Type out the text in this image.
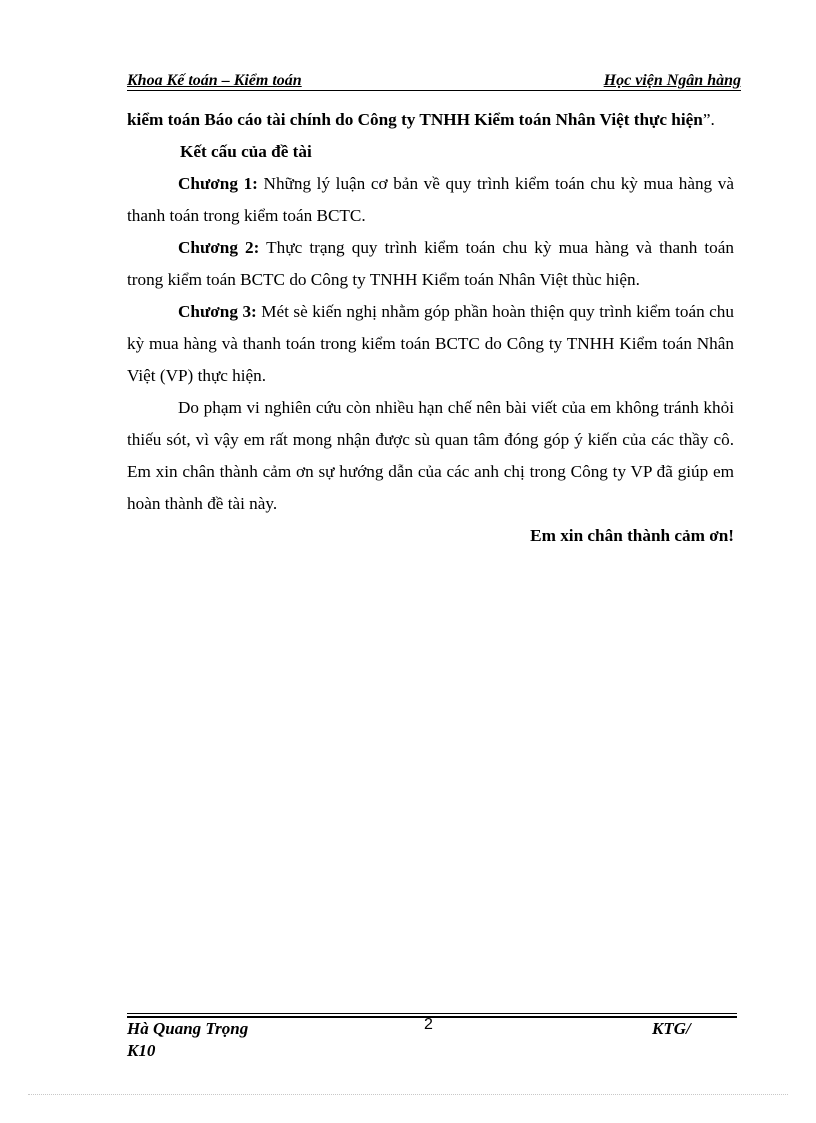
Khoa Kế toán – Kiểm toán	Học viện Ngân hàng

kiểm toán Báo cáo tài chính do Công ty TNHH Kiểm toán Nhân Việt thực hiện”.

Kết cấu của đề tài

Chương 1: Những lý luận cơ bản về quy trình kiểm toán chu kỳ mua hàng và thanh toán trong kiểm toán BCTC.

Chương 2: Thực trạng quy trình kiểm toán chu kỳ mua hàng và thanh toán trong kiểm toán BCTC do Công ty TNHH Kiểm toán Nhân Việt thùc hiện.

Chương 3: Mét sè kiến nghị nhằm góp phần hoàn thiện quy trình kiểm toán chu kỳ mua hàng và thanh toán trong kiểm toán BCTC do Công ty TNHH Kiểm toán Nhân Việt (VP) thực hiện.

Do phạm vi nghiên cứu còn nhiều hạn chế nên bài viết của em không tránh khỏi thiếu sót, vì vậy em rất mong nhận được sù quan tâm đóng góp ý kiến của các thầy cô. Em xin chân thành cảm ơn sự hướng dẫn của các anh chị trong Công ty VP đã giúp em hoàn thành đề tài này.

Em xin chân thành cảm ơn!

Hà Quang Trọng
K10
2	KTG/
